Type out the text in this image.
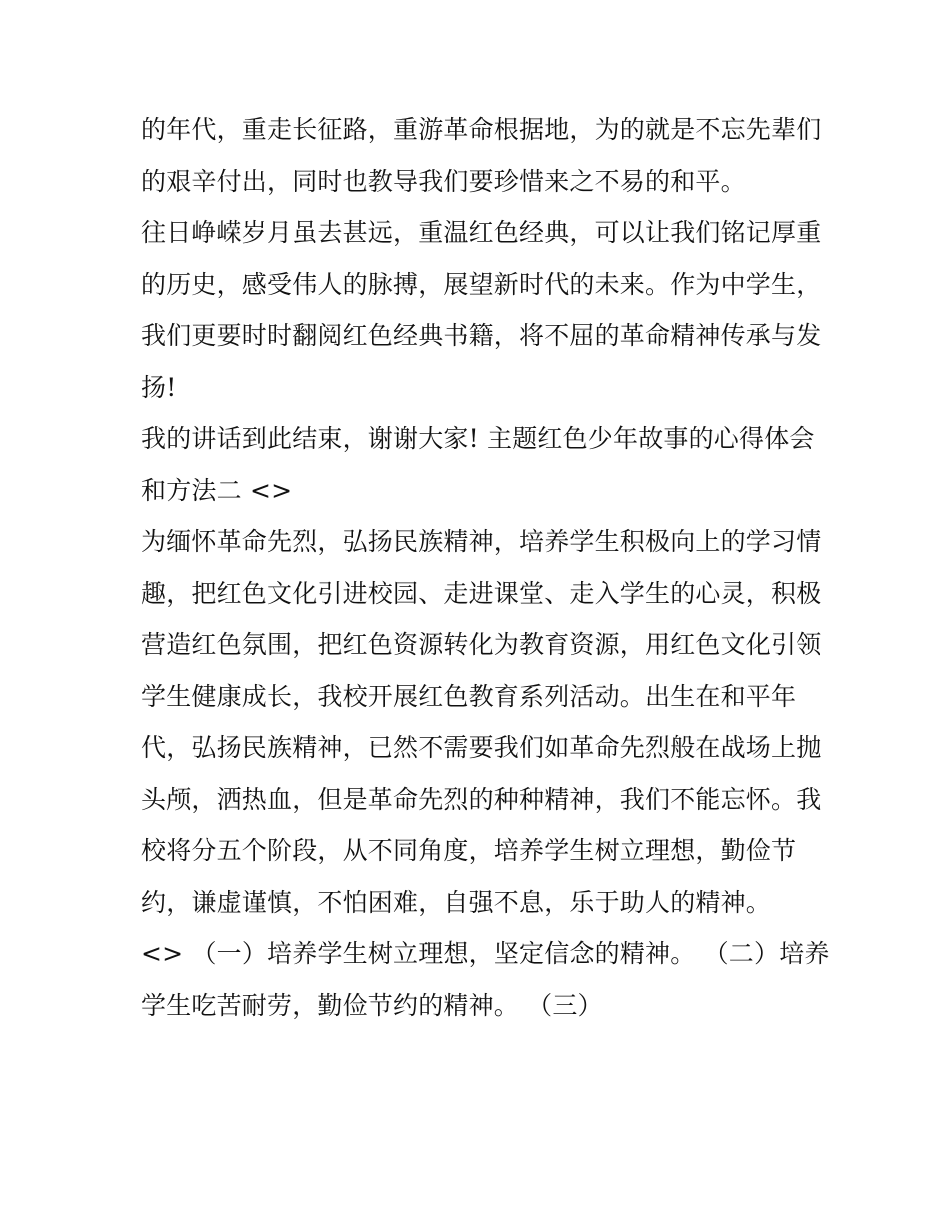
的年代，重走长征路，重游革命根据地，为的就是不忘先辈们
的艰辛付出，同时也教导我们要珍惜来之不易的和平。
往日峥嵘岁月虽去甚远，重温红色经典，可以让我们铭记厚重
的历史，感受伟人的脉搏，展望新时代的未来。作为中学生，
我们更要时时翻阅红色经典书籍，将不屈的革命精神传承与发
扬!
我的讲话到此结束，谢谢大家! 主题红色少年故事的心得体会
和方法二 <>
为缅怀革命先烈，弘扬民族精神，培养学生积极向上的学习情
趣，把红色文化引进校园、走进课堂、走入学生的心灵，积极
营造红色氛围，把红色资源转化为教育资源，用红色文化引领
学生健康成长，我校开展红色教育系列活动。出生在和平年
代，弘扬民族精神，已然不需要我们如革命先烈般在战场上抛
头颅，洒热血，但是革命先烈的种种精神，我们不能忘怀。我
校将分五个阶段，从不同角度，培养学生树立理想，勤俭节
约，谦虚谨慎，不怕困难，自强不息，乐于助人的精神。
<> （一）培养学生树立理想，坚定信念的精神。 （二）培养
学生吃苦耐劳，勤俭节约的精神。 （三）
